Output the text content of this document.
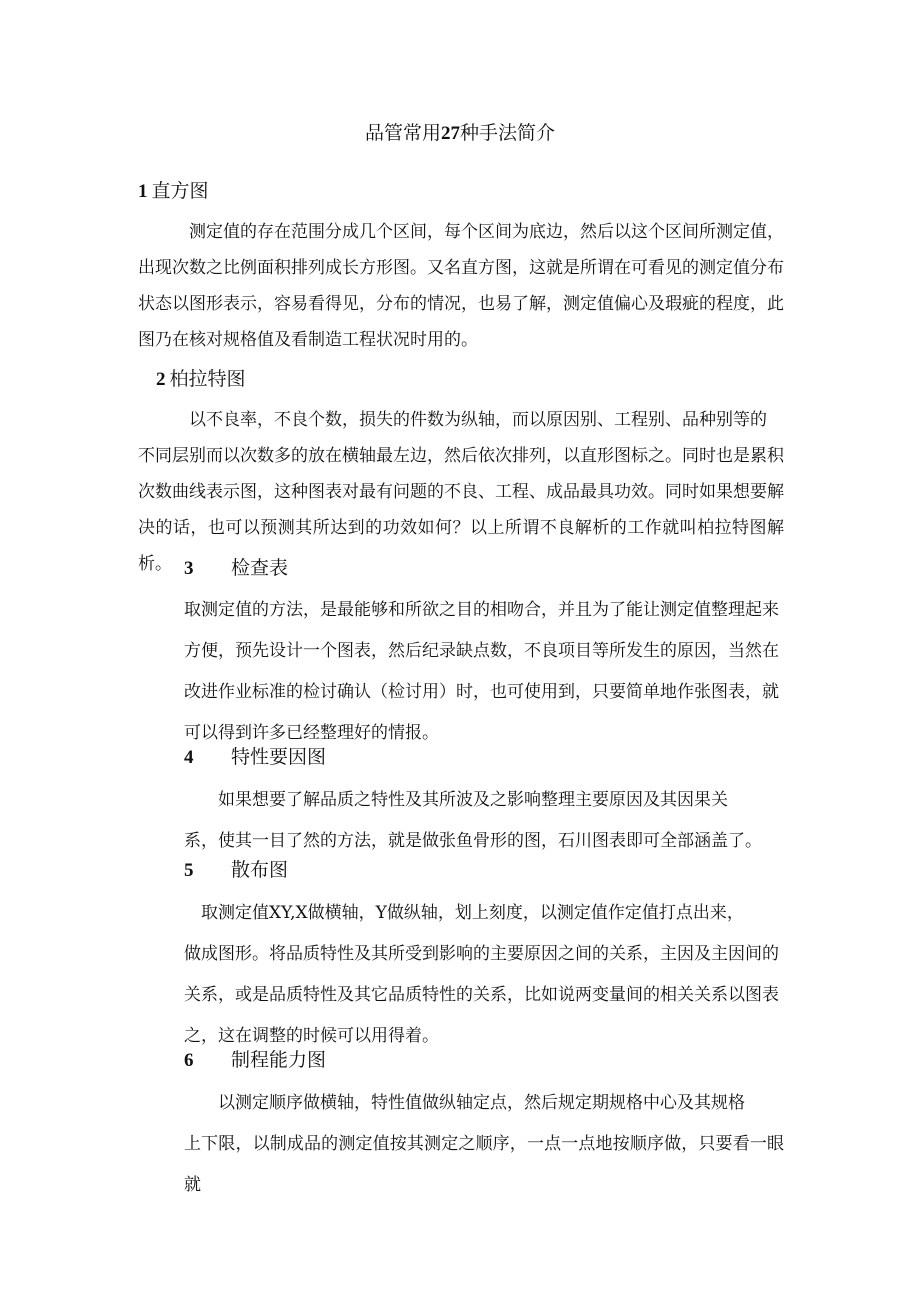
品管常用27种手法简介
1 直方图

　　　测定值的存在范围分成几个区间，每个区间为底边，然后以这个区间所测定值，
出现次数之比例面积排列成长方形图。又名直方图，这就是所谓在可看见的测定值分布
状态以图形表示，容易看得见，分布的情况，也易了解，测定值偏心及瑕疵的程度，此
图乃在核对规格值及看制造工程状况时用的。

2 柏拉特图

　　　以不良率，不良个数，损失的件数为纵轴，而以原因别、工程别、品种别等的
不同层别而以次数多的放在横轴最左边，然后依次排列，以直形图标之。同时也是累积
次数曲线表示图，这种图表对最有问题的不良、工程、成品最具功效。同时如果想要解
决的话，也可以预测其所达到的功效如何？以上所谓不良解析的工作就叫柏拉特图解析。 3 检查表

取测定值的方法，是最能够和所欲之目的相吻合，并且为了能让测定值整理起来
方便，预先设计一个图表，然后纪录缺点数，不良项目等所发生的原因，当然在
改进作业标准的检讨确认（检讨用）时，也可使用到，只要简单地作张图表，就
可以得到许多已经整理好的情报。

4 特性要因图

　　如果想要了解品质之特性及其所波及之影响整理主要原因及其因果关
系，使其一目了然的方法，就是做张鱼骨形的图，石川图表即可全部涵盖了。

5 散布图

　取测定值XY,X做横轴，Y做纵轴，划上刻度，以测定值作定值打点出来，
做成图形。将品质特性及其所受到影响的主要原因之间的关系，主因及主因间的
关系，或是品质特性及其它品质特性的关系，比如说两变量间的相关关系以图表
之，这在调整的时候可以用得着。

6 制程能力图

　　以测定顺序做横轴，特性值做纵轴定点，然后规定期规格中心及其规格
上下限，以制成品的测定值按其测定之顺序，一点一点地按顺序做，只要看一眼就
